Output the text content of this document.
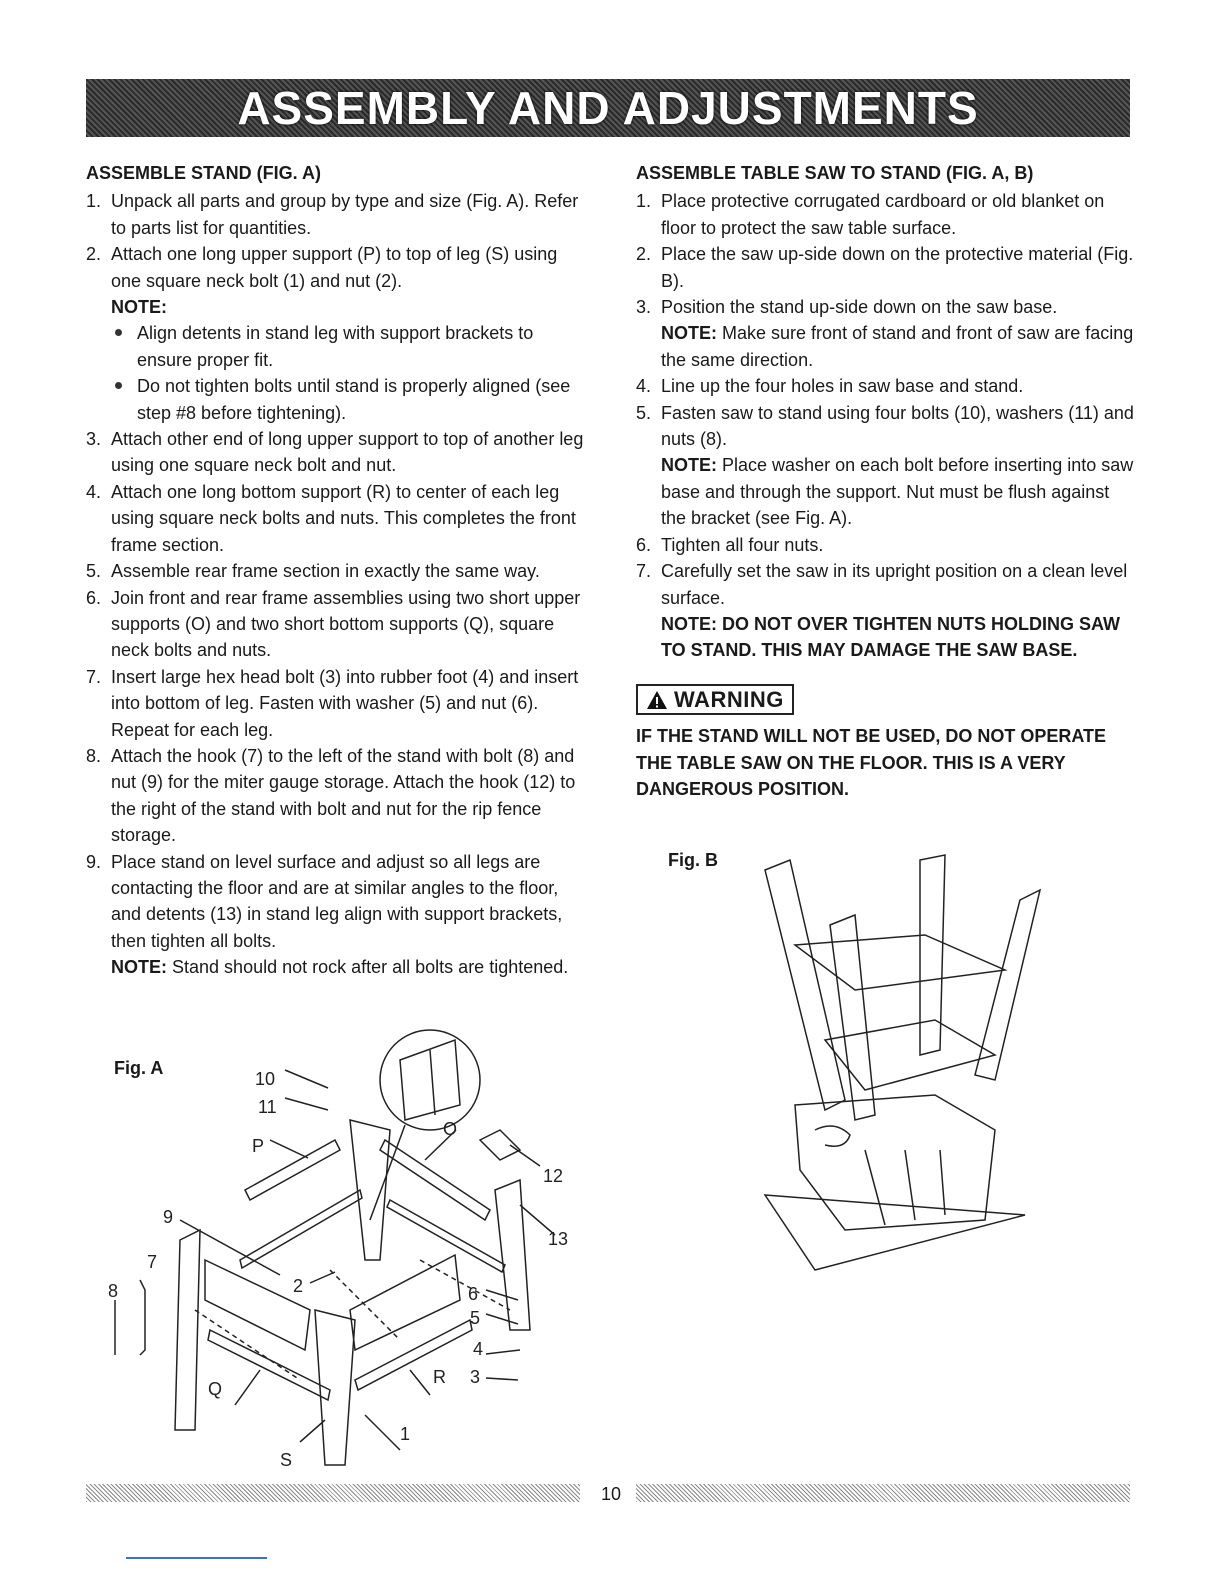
ASSEMBLY AND ADJUSTMENTS
ASSEMBLE STAND (FIG. A)
1. Unpack all parts and group by type and size (Fig. A). Refer to parts list for quantities.
2. Attach one long upper support (P) to top of leg (S) using one square neck bolt (1) and nut (2).
NOTE:
Align detents in stand leg with support brackets to ensure proper fit.
Do not tighten bolts until stand is properly aligned (see step #8 before tightening).
3. Attach other end of long upper support to top of another leg using one square neck bolt and nut.
4. Attach one long bottom support (R) to center of each leg using square neck bolts and nuts. This completes the front frame section.
5. Assemble rear frame section in exactly the same way.
6. Join front and rear frame assemblies using two short upper supports (O) and two short bottom supports (Q), square neck bolts and nuts.
7. Insert large hex head bolt (3) into rubber foot (4) and insert into bottom of leg. Fasten with washer (5) and nut (6). Repeat for each leg.
8. Attach the hook (7) to the left of the stand with bolt (8) and nut (9) for the miter gauge storage. Attach the hook (12) to the right of the stand with bolt and nut for the rip fence storage.
9. Place stand on level surface and adjust so all legs are contacting the floor and are at similar angles to the floor, and detents (13) in stand leg align with support brackets, then tighten all bolts.
NOTE: Stand should not rock after all bolts are tightened.
ASSEMBLE TABLE SAW TO STAND (FIG. A, B)
1. Place protective corrugated cardboard or old blanket on floor to protect the saw table surface.
2. Place the saw up-side down on the protective material (Fig. B).
3. Position the stand up-side down on the saw base.
NOTE: Make sure front of stand and front of saw are facing the same direction.
4. Line up the four holes in saw base and stand.
5. Fasten saw to stand using four bolts (10), washers (11) and nuts (8).
NOTE: Place washer on each bolt before inserting into saw base and through the support. Nut must be flush against the bracket (see Fig. A).
6. Tighten all four nuts.
7. Carefully set the saw in its upright position on a clean level surface.
NOTE: DO NOT OVER TIGHTEN NUTS HOLDING SAW TO STAND. THIS MAY DAMAGE THE SAW BASE.
WARNING
IF THE STAND WILL NOT BE USED, DO NOT OPERATE THE TABLE SAW ON THE FLOOR. THIS IS A VERY DANGEROUS POSITION.
Fig. A
10
11
P
O
12
9
13
7
8	2	6
5
4
Q
R 3
1
S
Fig. B
10
